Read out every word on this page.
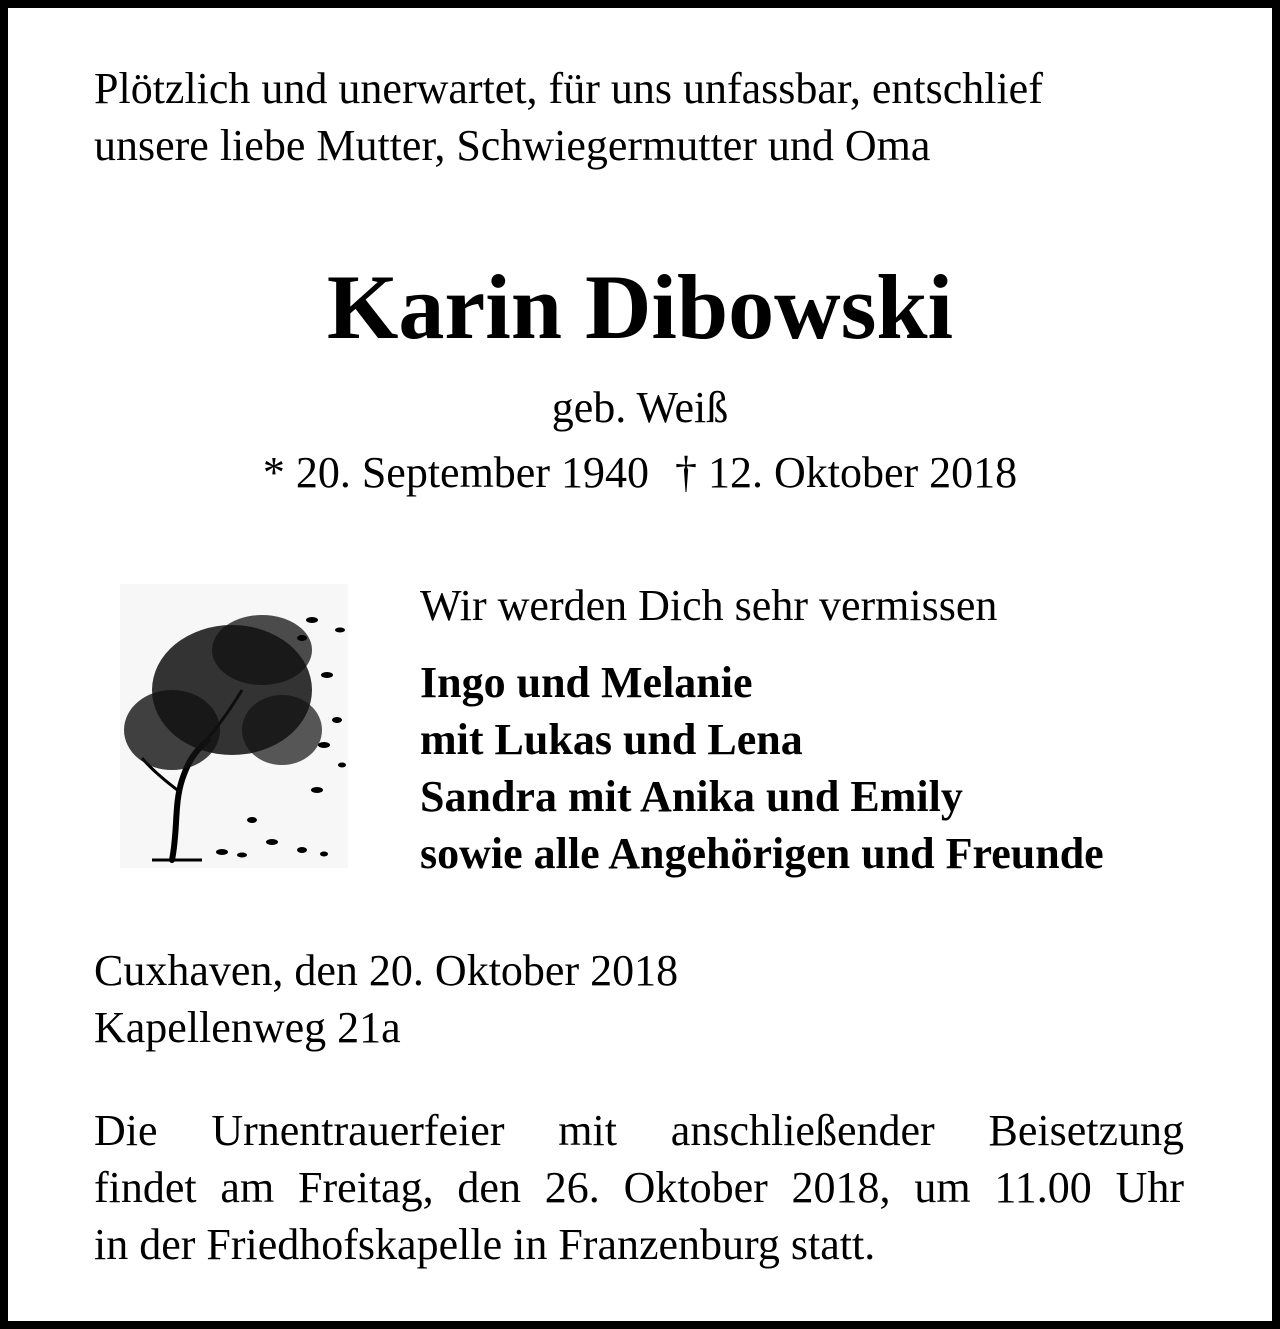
Plötzlich und unerwartet, für uns unfassbar, entschlief
unsere liebe Mutter, Schwiegermutter und Oma
Karin Dibowski
geb. Weiß
* 20. September 1940 † 12. Oktober 2018
Wir werden Dich sehr vermissen
Ingo und Melanie
mit Lukas und Lena
Sandra mit Anika und Emily
sowie alle Angehörigen und Freunde
Cuxhaven, den 20. Oktober 2018
Kapellenweg 21a
Die Urnentrauerfeier mit anschließender Beisetzung
findet am Freitag, den 26. Oktober 2018, um 11.00 Uhr
in der Friedhofskapelle in Franzenburg statt.
